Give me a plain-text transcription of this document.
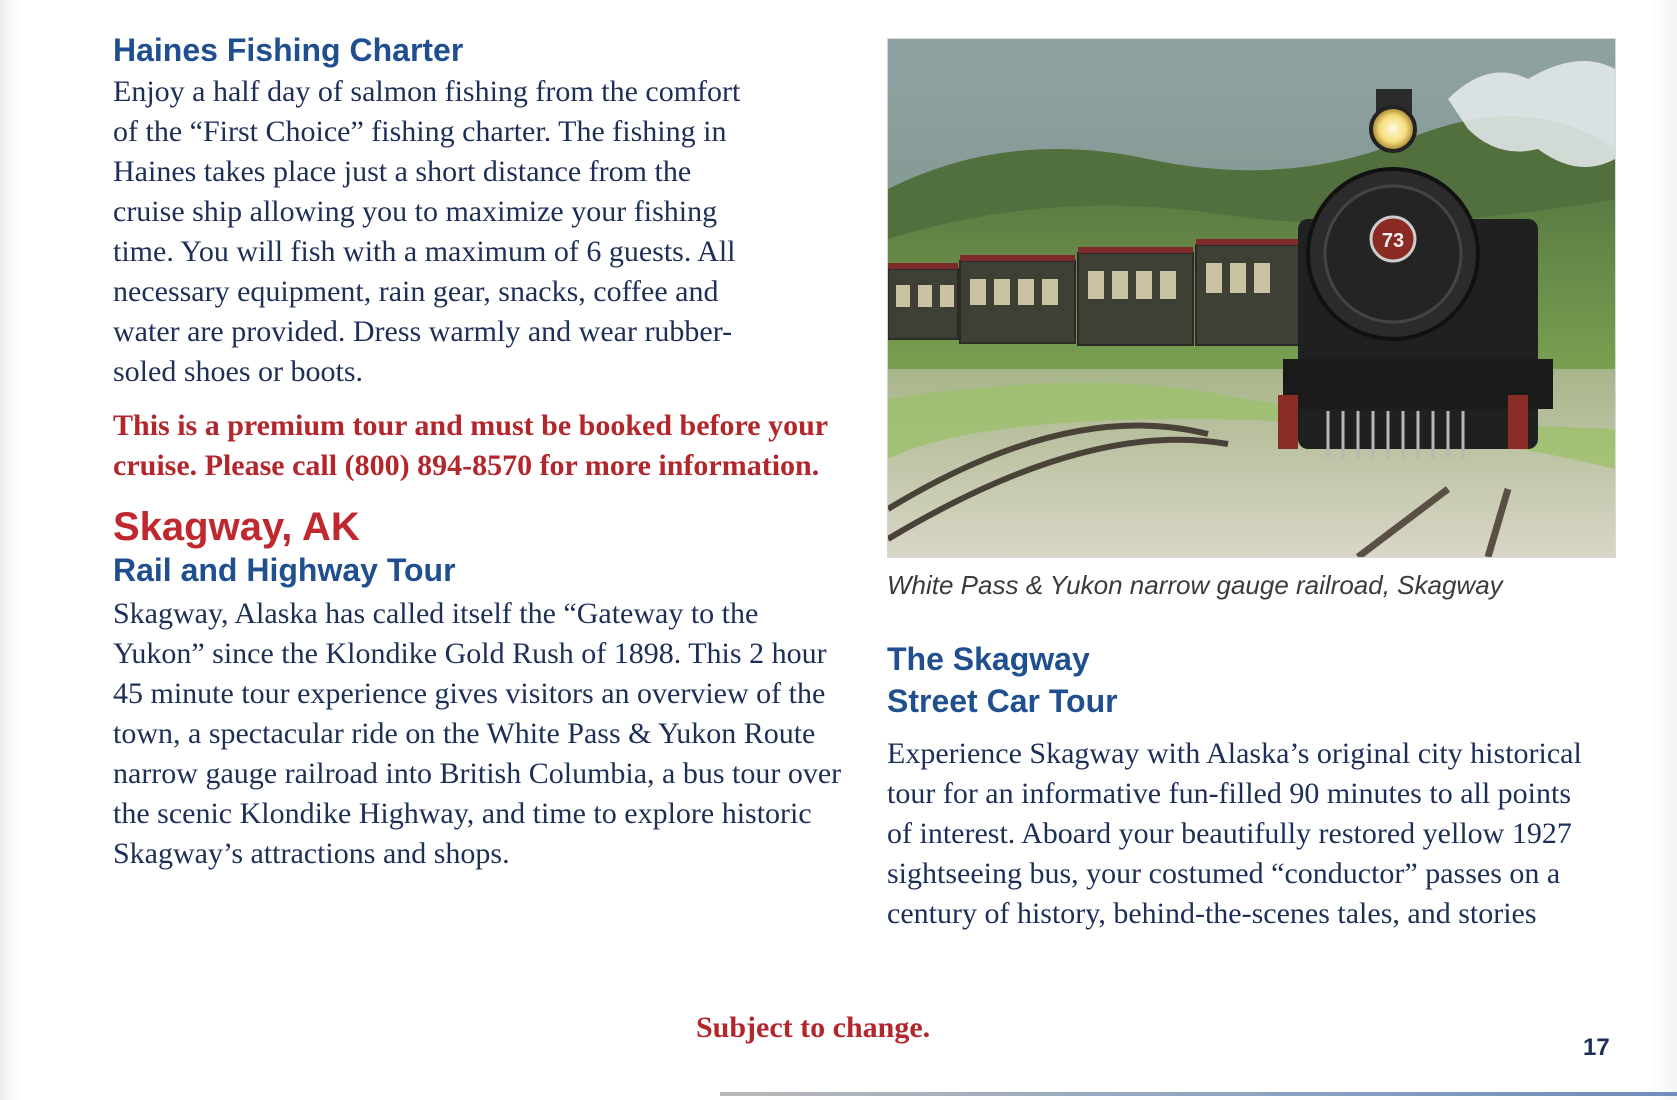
Haines Fishing Charter

Enjoy a half day of salmon fishing from the comfort of the “First Choice” fishing charter. The fishing in Haines takes place just a short distance from the cruise ship allowing you to maximize your fishing time. You will fish with a maximum of 6 guests. All necessary equipment, rain gear, snacks, coffee and water are provided. Dress warmly and wear rubber-soled shoes or boots.

This is a premium tour and must be booked before your cruise. Please call (800) 894-8570 for more information.

Skagway, AK
Rail and Highway Tour

Skagway, Alaska has called itself the “Gateway to the Yukon” since the Klondike Gold Rush of 1898. This 2 hour 45 minute tour experience gives visitors an overview of the town, a spectacular ride on the White Pass & Yukon Route narrow gauge railroad into British Columbia, a bus tour over the scenic Klondike Highway, and time to explore historic Skagway’s attractions and shops.

73

White Pass & Yukon narrow gauge railroad, Skagway

The Skagway
Street Car Tour

Experience Skagway with Alaska’s original city historical tour for an informative fun-filled 90 minutes to all points of interest. Aboard your beautifully restored yellow 1927 sightseeing bus, your costumed “conductor” passes on a century of history, behind-the-scenes tales, and stories

Subject to change.

17
